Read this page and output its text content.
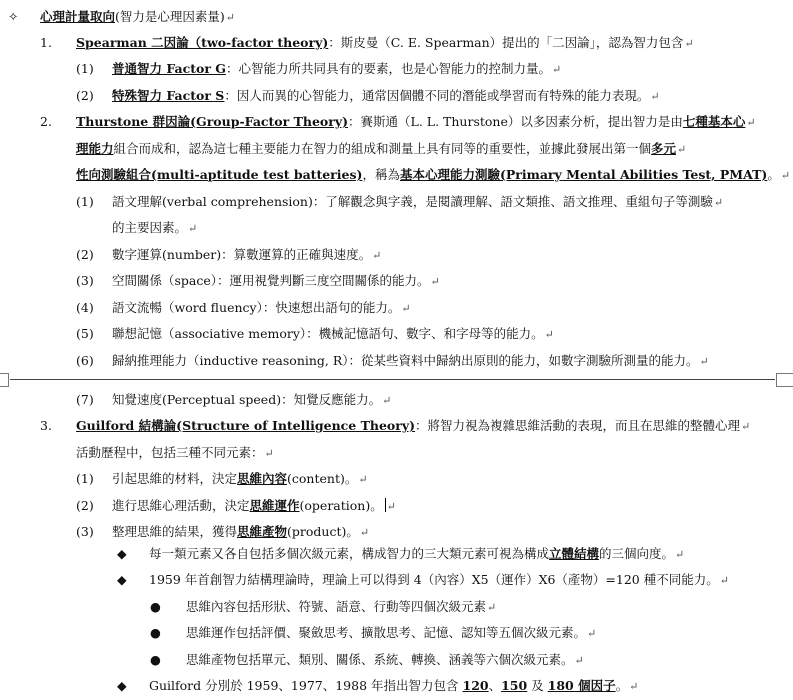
✧ 心理計量取向(智力是心理因素量)↵
1. Spearman 二因論（two-factor theory)：斯皮曼（C. E. Spearman）提出的「二因論」，認為智力包含↵
(1) 普通智力 Factor G：心智能力所共同具有的要素，也是心智能力的控制力量。↵
(2) 特殊智力 Factor S：因人而異的心智能力，通常因個體不同的潛能或學習而有特殊的能力表現。↵
2. Thurstone 群因論(Group-Factor Theory)：賽斯通（L. L. Thurstone）以多因素分析，提出智力是由七種基本心↵
理能力組合而成和，認為這七種主要能力在智力的組成和測量上具有同等的重要性，並據此發展出第一個多元↵
性向測驗組合(multi-aptitude test batteries)，稱為基本心理能力測驗(Primary Mental Abilities Test, PMAT)。↵
(1) 語文理解(verbal comprehension)：了解觀念與字義，是閱讀理解、語文類推、語文推理、重組句子等測驗↵
的主要因素。↵
(2) 數字運算(number)：算數運算的正確與速度。↵
(3) 空間關係（space）：運用視覺判斷三度空間關係的能力。↵
(4) 語文流暢（word fluency）：快速想出語句的能力。↵
(5) 聯想記憶（associative memory）：機械記憶語句、數字、和字母等的能力。↵
(6) 歸納推理能力（inductive reasoning, R）：從某些資料中歸納出原則的能力，如數字測驗所測量的能力。↵
(7) 知覺速度(Perceptual speed)：知覺反應能力。↵
3. Guilford 結構論(Structure of Intelligence Theory)：將智力視為複雜思維活動的表現，而且在思維的整體心理↵
活動歷程中，包括三種不同元素：↵
(1) 引起思維的材料，決定思維內容(content)。↵
(2) 進行思維心理活動，決定思維運作(operation)。 ↵
(3) 整理思維的結果，獲得思維產物(product)。↵
◆ 每一類元素又各自包括多個次級元素，構成智力的三大類元素可視為構成立體結構的三個向度。↵
◆ 1959 年首創智力結構理論時，理論上可以得到 4（內容）X5（運作）X6（產物）=120 種不同能力。↵
● 思維內容包括形狀、符號、語意、行動等四個次級元素↵
● 思維運作包括評價、聚斂思考、擴散思考、記憶、認知等五個次級元素。↵
● 思維產物包括單元、類別、關係、系統、轉換、涵義等六個次級元素。↵
◆ Guilford 分別於 1959、1977、1988 年指出智力包含 120、150 及 180 個因子。↵
